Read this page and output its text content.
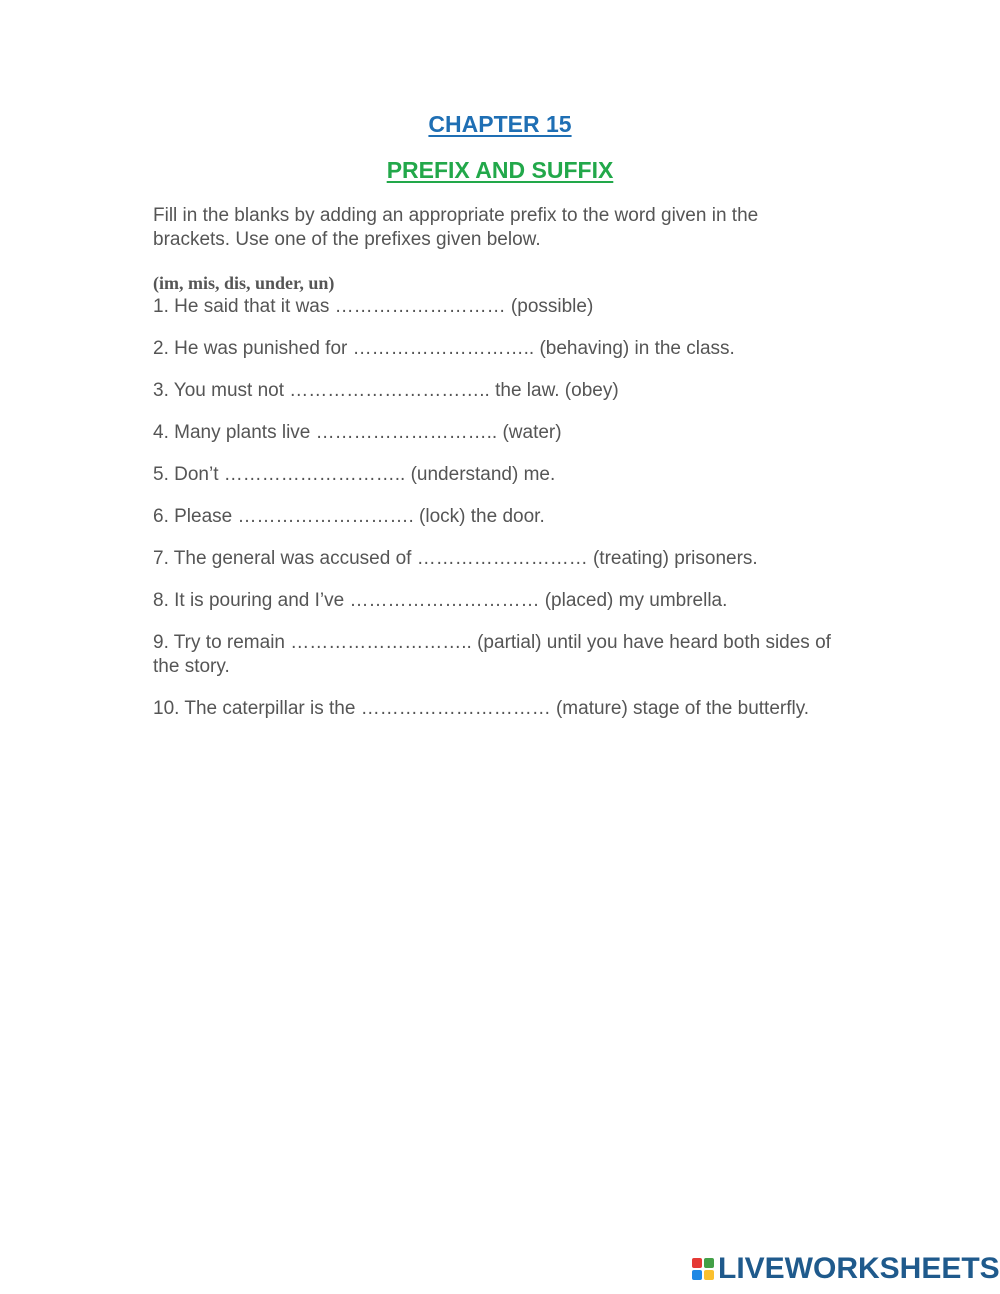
CHAPTER 15
PREFIX AND SUFFIX

Fill in the blanks by adding an appropriate prefix to the word given in the brackets. Use one of the prefixes given below.

(im, mis, dis, under, un)

1. He said that it was ……………………… (possible)

2. He was punished for ……………………….. (behaving) in the class.

3. You must not ………………………….. the law. (obey)

4. Many plants live ……………………….. (water)

5. Don’t ……………………….. (understand) me.

6. Please ………………………. (lock) the door.

7. The general was accused of ……………………… (treating) prisoners.

8. It is pouring and I’ve ………………………… (placed) my umbrella.

9. Try to remain ……………………….. (partial) until you have heard both sides of the story.

10. The caterpillar is the ………………………… (mature) stage of the butterfly.

LIVEWORKSHEETS
